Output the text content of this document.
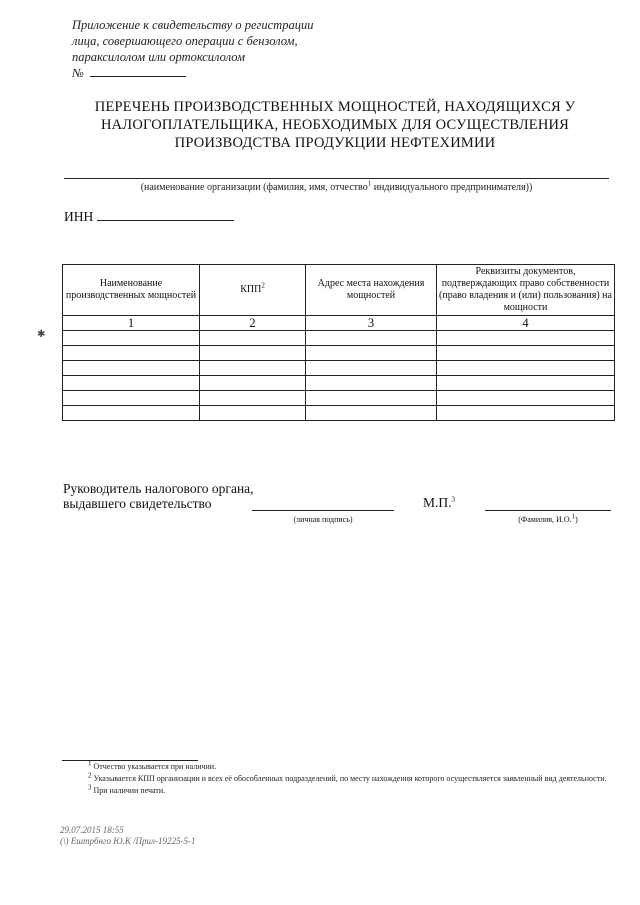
Приложение к свидетельству о регистрации
лица, совершающего операции с бензолом,
параксилолом или ортоксилолом
№
ПЕРЕЧЕНЬ ПРОИЗВОДСТВЕННЫХ МОЩНОСТЕЙ, НАХОДЯЩИХСЯ У
НАЛОГОПЛАТЕЛЬЩИКА, НЕОБХОДИМЫХ ДЛЯ ОСУЩЕСТВЛЕНИЯ
ПРОИЗВОДСТВА ПРОДУКЦИИ НЕФТЕХИМИИ
(наименование организации (фамилия, имя, отчество$^1$ индивидуального предпринимателя))
ИНН
Наименование производственных мощностей	КПП$^2$	Адрес места нахождения мощностей	Реквизиты документов, подтверждающих право собственности (право владения и (или) пользования) на мощности
1	2	3	4

Руководитель налогового органа,
выдавшего свидетельство
(личная подпись)
М.П.$^3$
(Фамилия, И.О.$^1$)
$^1$ Отчество указывается при наличии.
$^2$ Указывается КПП организации и всех её обособленных подразделений, по месту нахождения которого осуществляется заявленный вид деятельности.
$^3$ При наличии печати.
29.07.2015 18:55
(\) Ештрбнго Ю.К /Прил-19225-5-1
✱
